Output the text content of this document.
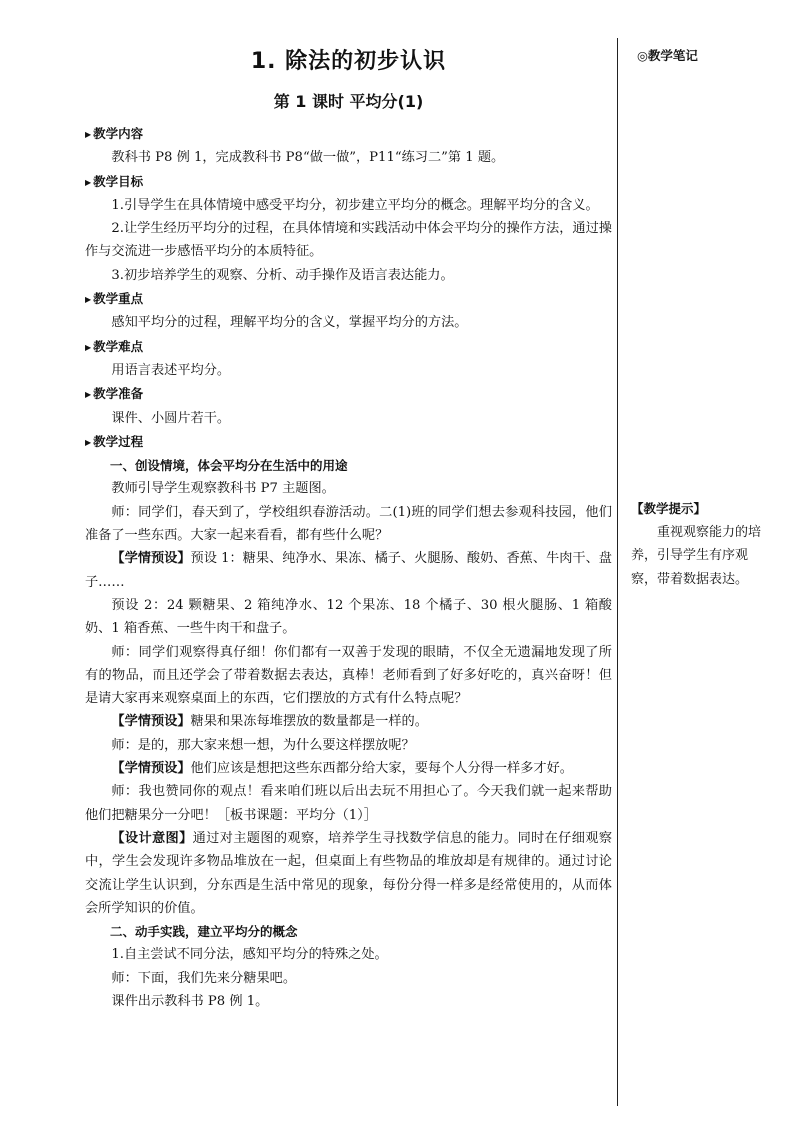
1. 除法的初步认识
第 1 课时 平均分(1)
▶ 教学内容

教科书 P8 例 1，完成教科书 P8“做一做”，P11“练习二”第 1 题。

▶ 教学目标

1.引导学生在具体情境中感受平均分，初步建立平均分的概念。理解平均分的含义。

2.让学生经历平均分的过程，在具体情境和实践活动中体会平均分的操作方法，通过操作与交流进一步感悟平均分的本质特征。

3.初步培养学生的观察、分析、动手操作及语言表达能力。

▶ 教学重点

感知平均分的过程，理解平均分的含义，掌握平均分的方法。

▶ 教学难点

用语言表述平均分。

▶ 教学准备

课件、小圆片若干。

▶ 教学过程

一、创设情境，体会平均分在生活中的用途

教师引导学生观察教科书 P7 主题图。

师：同学们，春天到了，学校组织春游活动。二(1)班的同学们想去参观科技园，他们准备了一些东西。大家一起来看看，都有些什么呢？

【学情预设】预设 1：糖果、纯净水、果冻、橘子、火腿肠、酸奶、香蕉、牛肉干、盘子……

预设 2：24 颗糖果、2 箱纯净水、12 个果冻、18 个橘子、30 根火腿肠、1 箱酸奶、1 箱香蕉、一些牛肉干和盘子。

师：同学们观察得真仔细！你们都有一双善于发现的眼睛，不仅全无遗漏地发现了所有的物品，而且还学会了带着数据去表达，真棒！老师看到了好多好吃的，真兴奋呀！但是请大家再来观察桌面上的东西，它们摆放的方式有什么特点呢？

【学情预设】糖果和果冻每堆摆放的数量都是一样的。

师：是的，那大家来想一想，为什么要这样摆放呢？

【学情预设】他们应该是想把这些东西都分给大家，要每个人分得一样多才好。

师：我也赞同你的观点！看来咱们班以后出去玩不用担心了。今天我们就一起来帮助他们把糖果分一分吧！［板书课题：平均分（1）］

【设计意图】通过对主题图的观察，培养学生寻找数学信息的能力。同时在仔细观察中，学生会发现许多物品堆放在一起，但桌面上有些物品的堆放却是有规律的。通过讨论交流让学生认识到，分东西是生活中常见的现象，每份分得一样多是经常使用的，从而体会所学知识的价值。

二、动手实践，建立平均分的概念

1.自主尝试不同分法，感知平均分的特殊之处。

师：下面，我们先来分糖果吧。

课件出示教科书 P8 例 1。

◎教学笔记
【教学提示】

重视观察能力的培养，引导学生有序观察，带着数据表达。
